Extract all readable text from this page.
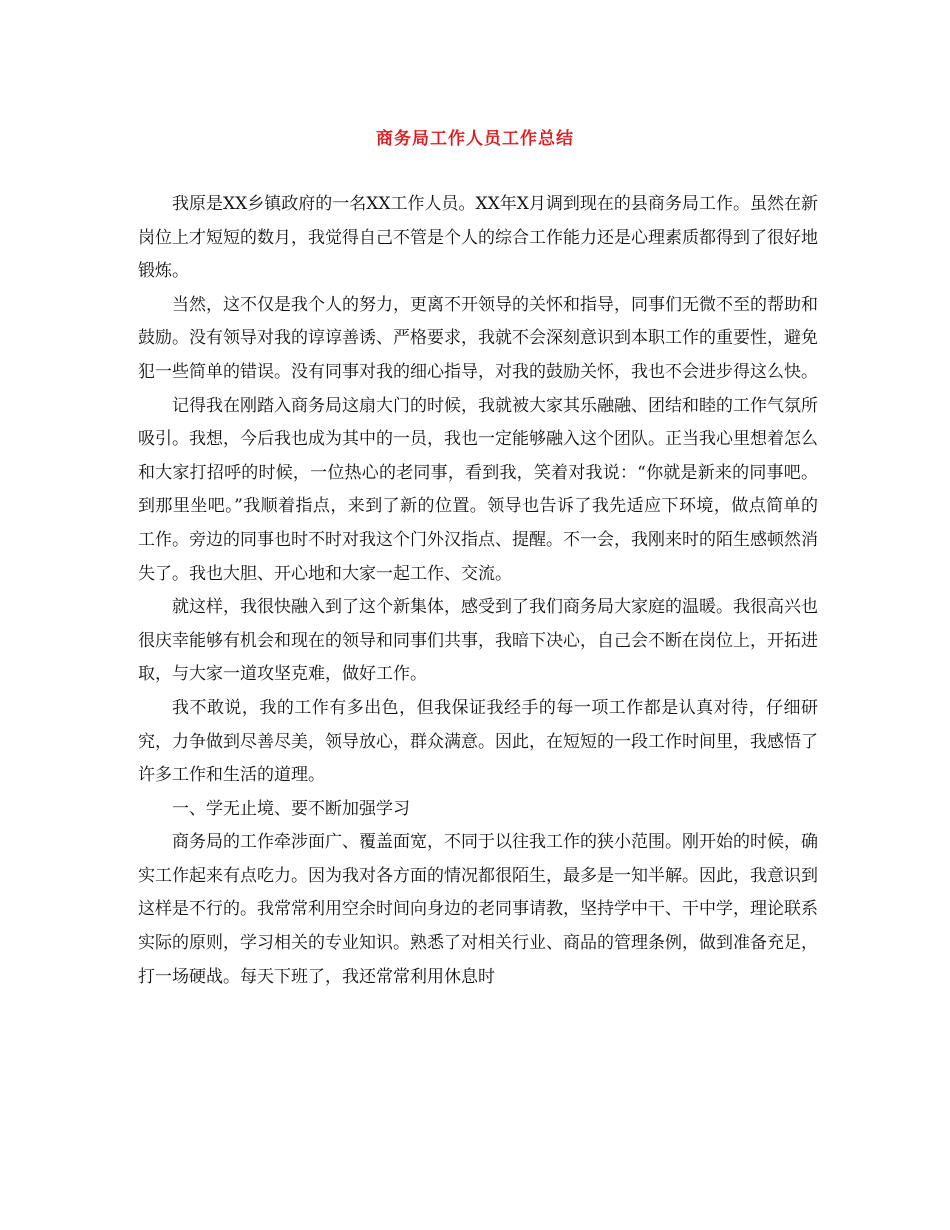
商务局工作人员工作总结

我原是XX乡镇政府的一名XX工作人员。XX年X月调到现在的县商务局工作。虽然在新岗位上才短短的数月，我觉得自己不管是个人的综合工作能力还是心理素质都得到了很好地锻炼。

当然，这不仅是我个人的努力，更离不开领导的关怀和指导，同事们无微不至的帮助和鼓励。没有领导对我的谆谆善诱、严格要求，我就不会深刻意识到本职工作的重要性，避免犯一些简单的错误。没有同事对我的细心指导，对我的鼓励关怀，我也不会进步得这么快。

记得我在刚踏入商务局这扇大门的时候，我就被大家其乐融融、团结和睦的工作气氛所吸引。我想，今后我也成为其中的一员，我也一定能够融入这个团队。正当我心里想着怎么和大家打招呼的时候，一位热心的老同事，看到我，笑着对我说：“你就是新来的同事吧。到那里坐吧。”我顺着指点，来到了新的位置。领导也告诉了我先适应下环境，做点简单的工作。旁边的同事也时不时对我这个门外汉指点、提醒。不一会，我刚来时的陌生感顿然消失了。我也大胆、开心地和大家一起工作、交流。

就这样，我很快融入到了这个新集体，感受到了我们商务局大家庭的温暖。我很高兴也很庆幸能够有机会和现在的领导和同事们共事，我暗下决心，自己会不断在岗位上，开拓进取，与大家一道攻坚克难，做好工作。

我不敢说，我的工作有多出色，但我保证我经手的每一项工作都是认真对待，仔细研究，力争做到尽善尽美，领导放心，群众满意。因此，在短短的一段工作时间里，我感悟了许多工作和生活的道理。

一、学无止境、要不断加强学习

商务局的工作牵涉面广、覆盖面宽，不同于以往我工作的狭小范围。刚开始的时候，确实工作起来有点吃力。因为我对各方面的情况都很陌生，最多是一知半解。因此，我意识到这样是不行的。我常常利用空余时间向身边的老同事请教，坚持学中干、干中学，理论联系实际的原则，学习相关的专业知识。熟悉了对相关行业、商品的管理条例，做到准备充足，打一场硬战。每天下班了，我还常常利用休息时
